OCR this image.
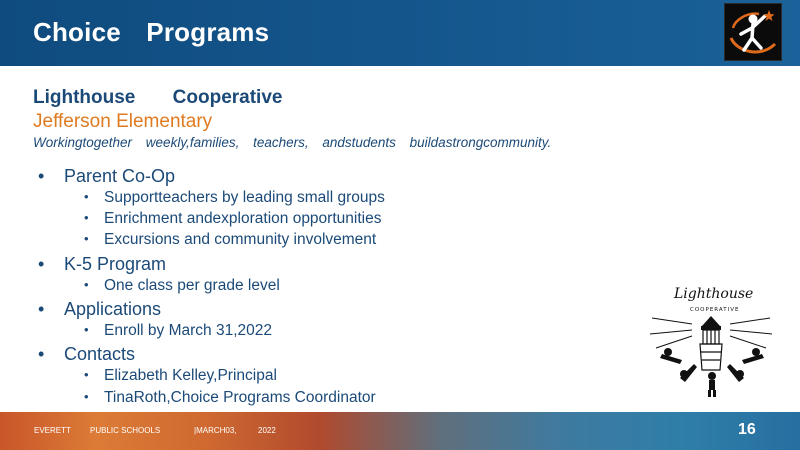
Choice Programs
Lighthouse Cooperative
Jefferson Elementary
Workingtogether weekly,families, teachers, andstudents buildastrongcommunity.
• Parent Co-Op
• Supportteachers by leading small groups
• Enrichment andexploration opportunities
• Excursions and community involvement
• K-5 Program
• One class per grade level
• Applications
• Enroll by March 31,2022
• Contacts
• Elizabeth Kelley,Principal
• TinaRoth,Choice Programs Coordinator
Lighthouse
COOPERATIVE
EVERETT PUBLIC SCHOOLS	|MARCH03,	2022	16
